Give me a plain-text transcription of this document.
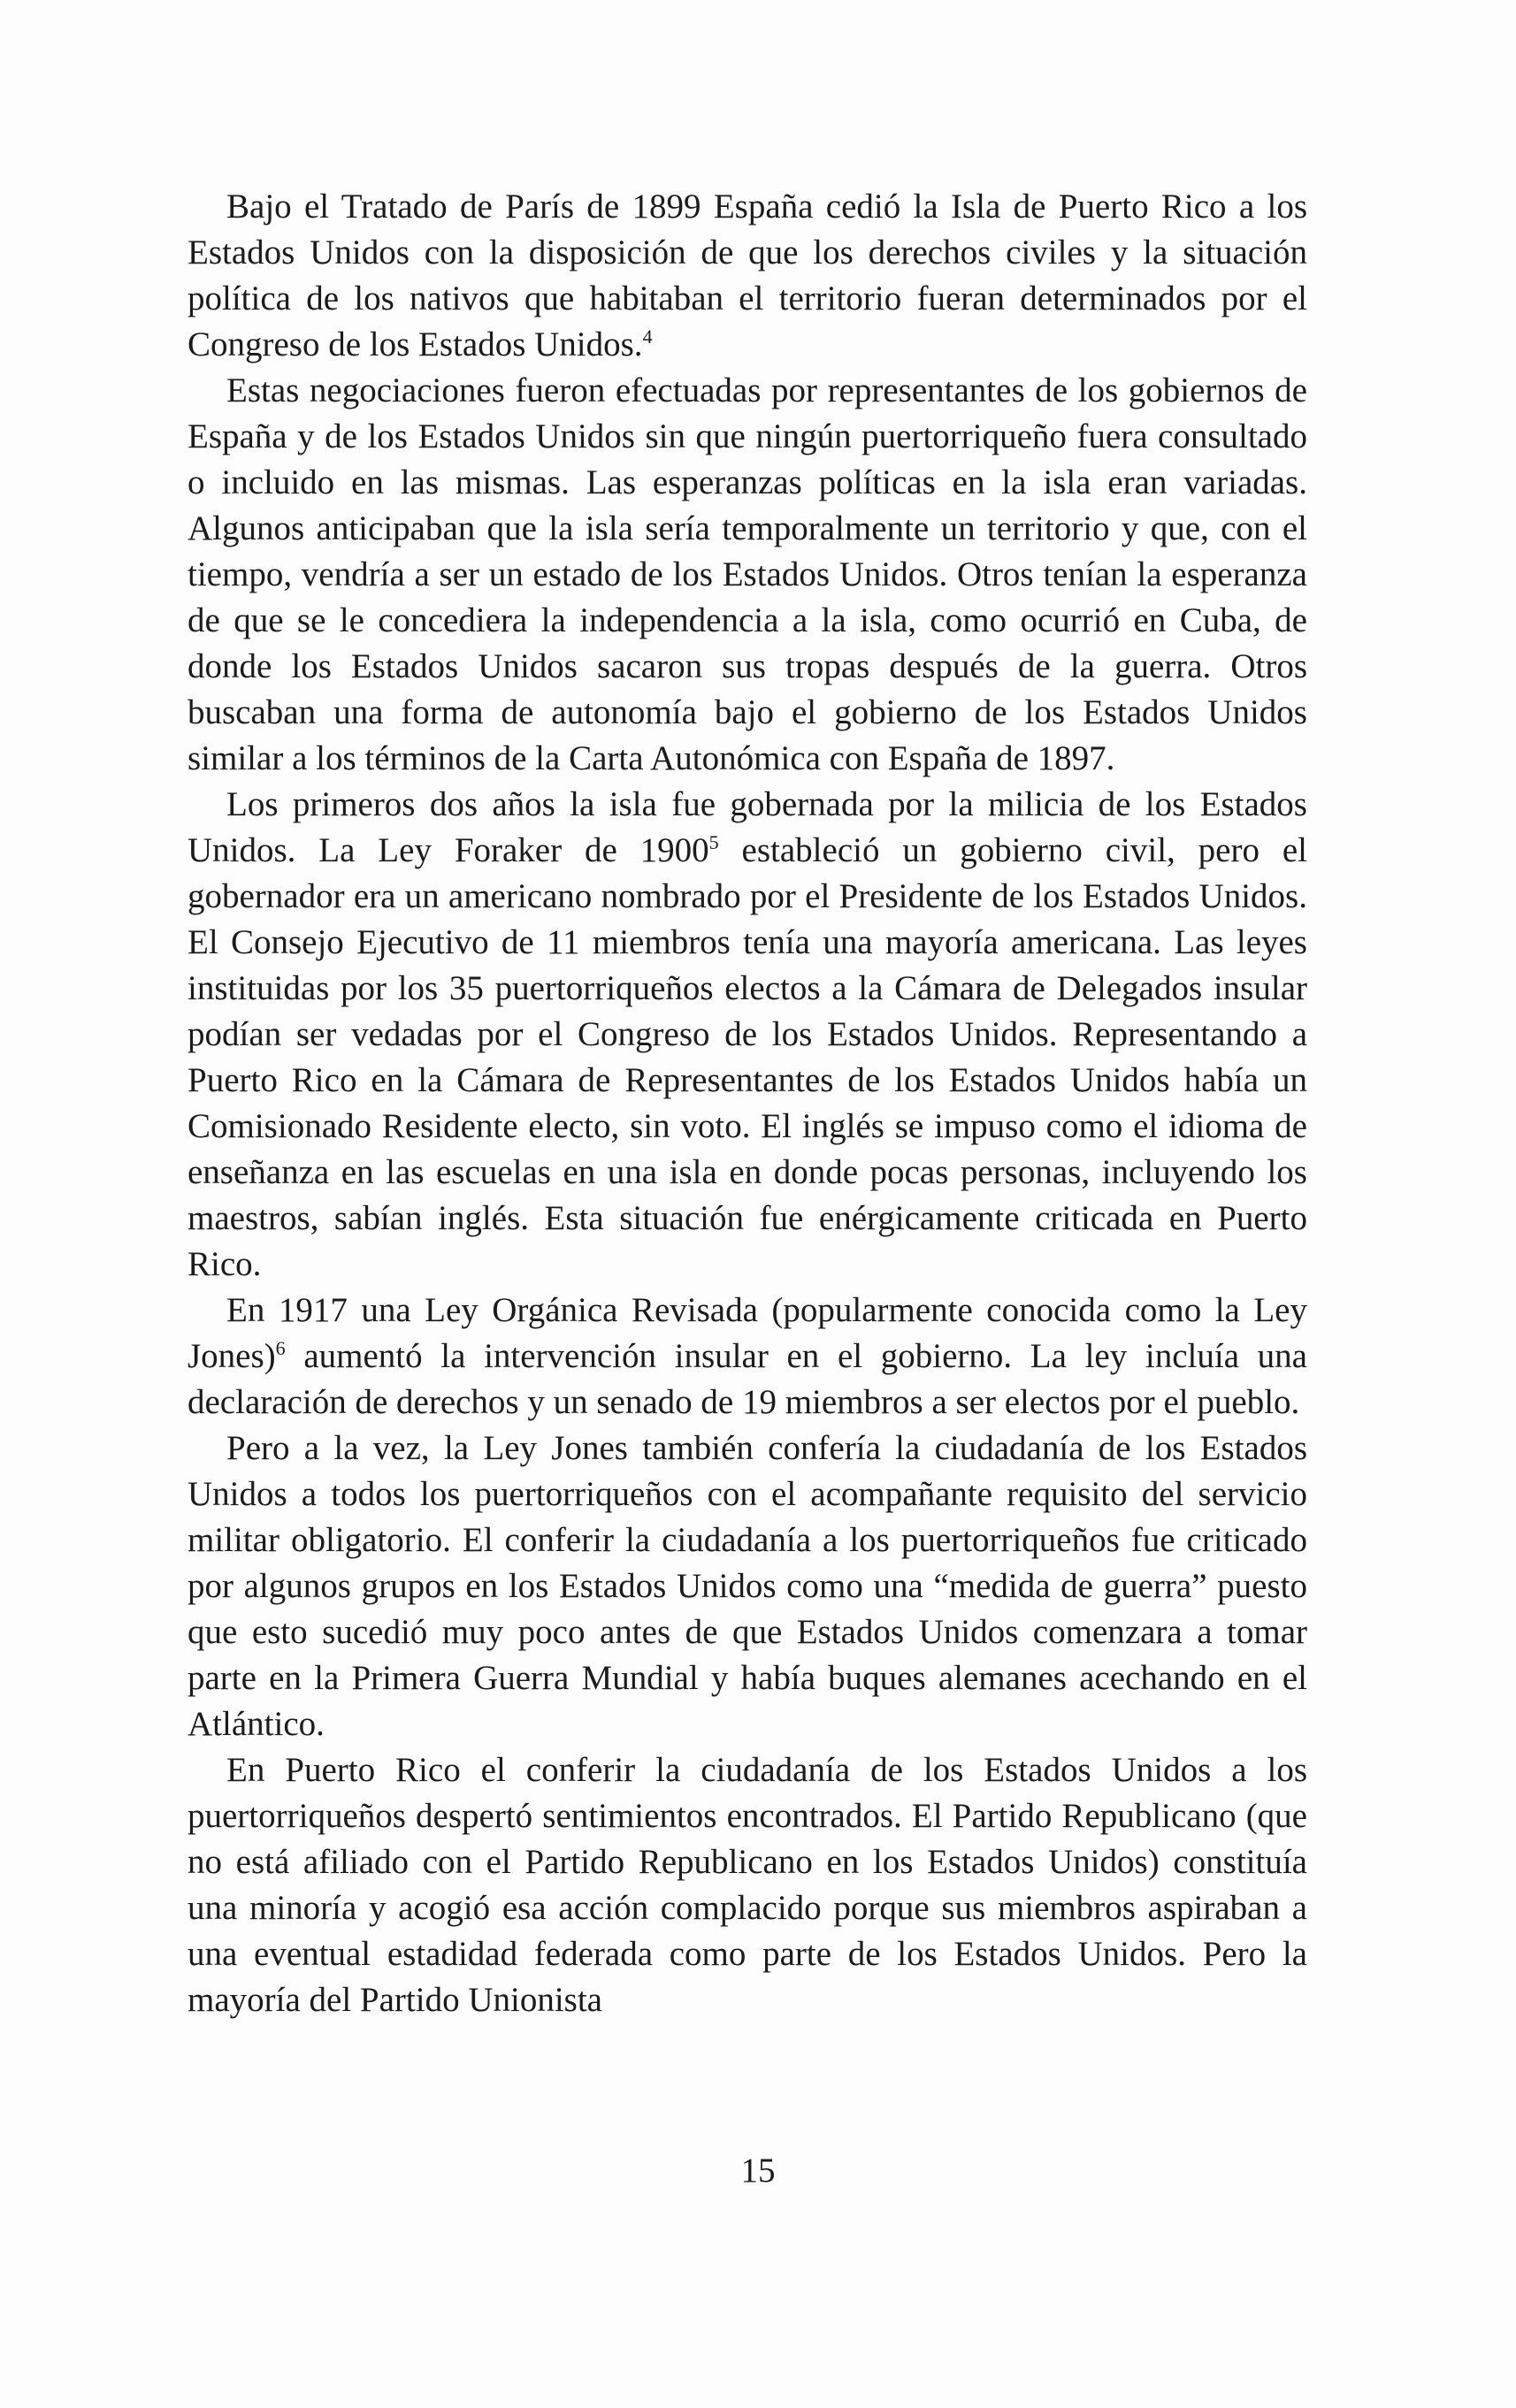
Bajo el Tratado de París de 1899 España cedió la Isla de Puerto Rico a los Estados Unidos con la disposición de que los derechos civiles y la situación política de los nativos que habitaban el territorio fueran determinados por el Congreso de los Estados Unidos.$^4$

Estas negociaciones fueron efectuadas por representantes de los gobiernos de España y de los Estados Unidos sin que ningún puertorriqueño fuera consultado o incluido en las mismas. Las esperanzas políticas en la isla eran variadas. Algunos anticipaban que la isla sería temporalmente un territorio y que, con el tiempo, vendría a ser un estado de los Estados Unidos. Otros tenían la esperanza de que se le concediera la independencia a la isla, como ocurrió en Cuba, de donde los Estados Unidos sacaron sus tropas después de la guerra. Otros buscaban una forma de autonomía bajo el gobierno de los Estados Unidos similar a los términos de la Carta Autonómica con España de 1897.

Los primeros dos años la isla fue gobernada por la milicia de los Estados Unidos. La Ley Foraker de 1900$^5$ estableció un gobierno civil, pero el gobernador era un americano nombrado por el Presidente de los Estados Unidos. El Consejo Ejecutivo de 11 miembros tenía una mayoría americana. Las leyes instituidas por los 35 puertorriqueños electos a la Cámara de Delegados insular podían ser vedadas por el Congreso de los Estados Unidos. Representando a Puerto Rico en la Cámara de Representantes de los Estados Unidos había un Comisionado Residente electo, sin voto. El inglés se impuso como el idioma de enseñanza en las escuelas en una isla en donde pocas personas, incluyendo los maestros, sabían inglés. Esta situación fue enérgicamente criticada en Puerto Rico.

En 1917 una Ley Orgánica Revisada (popularmente conocida como la Ley Jones)$^6$ aumentó la intervención insular en el gobierno. La ley incluía una declaración de derechos y un senado de 19 miembros a ser electos por el pueblo.

Pero a la vez, la Ley Jones también confería la ciudadanía de los Estados Unidos a todos los puertorriqueños con el acompañante requisito del servicio militar obligatorio. El conferir la ciudadanía a los puertorriqueños fue criticado por algunos grupos en los Estados Unidos como una “medida de guerra” puesto que esto sucedió muy poco antes de que Estados Unidos comenzara a tomar parte en la Primera Guerra Mundial y había buques alemanes acechando en el Atlántico.

En Puerto Rico el conferir la ciudadanía de los Estados Unidos a los puertorriqueños despertó sentimientos encontrados. El Partido Republicano (que no está afiliado con el Partido Republicano en los Estados Unidos) constituía una minoría y acogió esa acción complacido porque sus miembros aspiraban a una eventual estadidad federada como parte de los Estados Unidos. Pero la mayoría del Partido Unionista

15
